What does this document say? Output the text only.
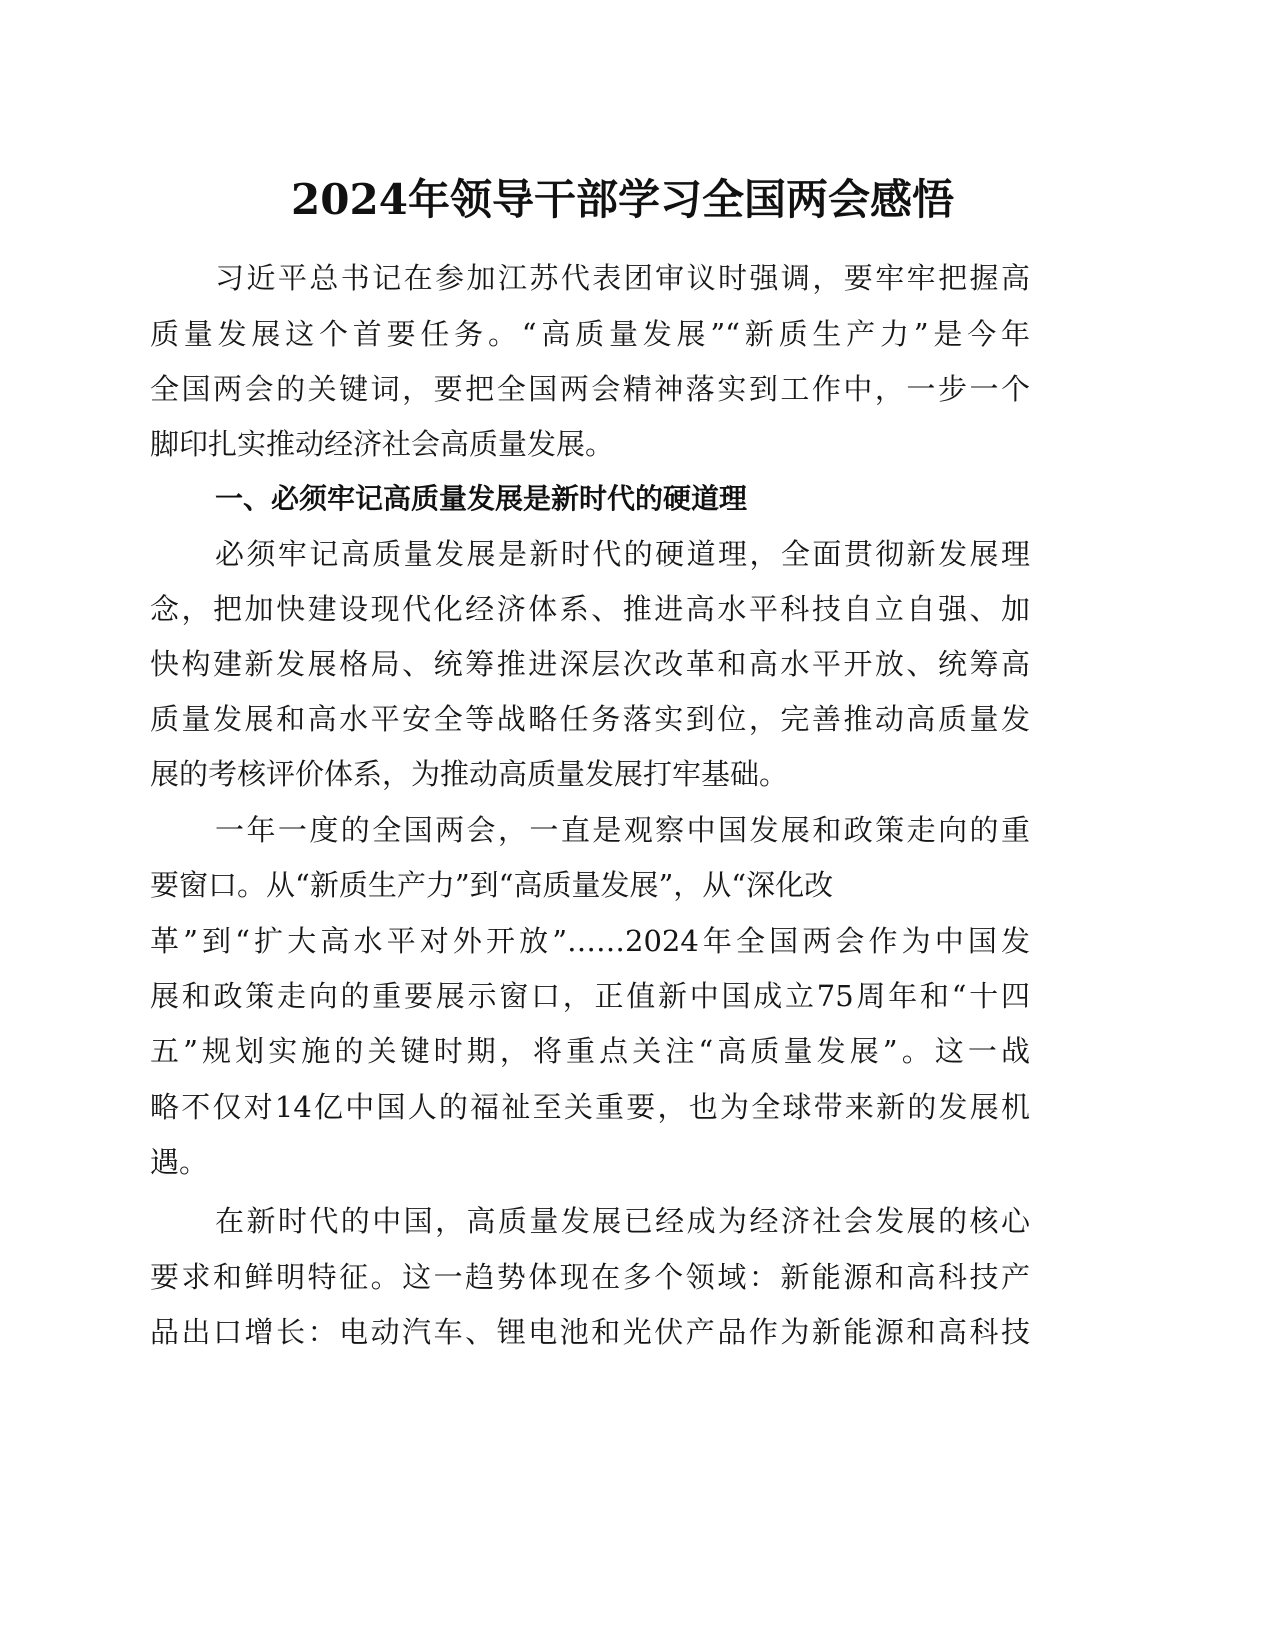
2024年领导干部学习全国两会感悟
习近平总书记在参加江苏代表团审议时强调，要牢牢把握高
质量发展这个首要任务。“高质量发展”“新质生产力”是今年
全国两会的关键词，要把全国两会精神落实到工作中，一步一个
脚印扎实推动经济社会高质量发展。
一、必须牢记高质量发展是新时代的硬道理
必须牢记高质量发展是新时代的硬道理，全面贯彻新发展理
念，把加快建设现代化经济体系、推进高水平科技自立自强、加
快构建新发展格局、统筹推进深层次改革和高水平开放、统筹高
质量发展和高水平安全等战略任务落实到位，完善推动高质量发
展的考核评价体系，为推动高质量发展打牢基础。
一年一度的全国两会，一直是观察中国发展和政策走向的重
要窗口。从“新质生产力”到“高质量发展”，从“深化改
革”到“扩大高水平对外开放”……2024年全国两会作为中国发
展和政策走向的重要展示窗口，正值新中国成立75周年和“十四
五”规划实施的关键时期，将重点关注“高质量发展”。这一战
略不仅对14亿中国人的福祉至关重要，也为全球带来新的发展机
遇。
在新时代的中国，高质量发展已经成为经济社会发展的核心
要求和鲜明特征。这一趋势体现在多个领域：新能源和高科技产
品出口增长：电动汽车、锂电池和光伏产品作为新能源和高科技
